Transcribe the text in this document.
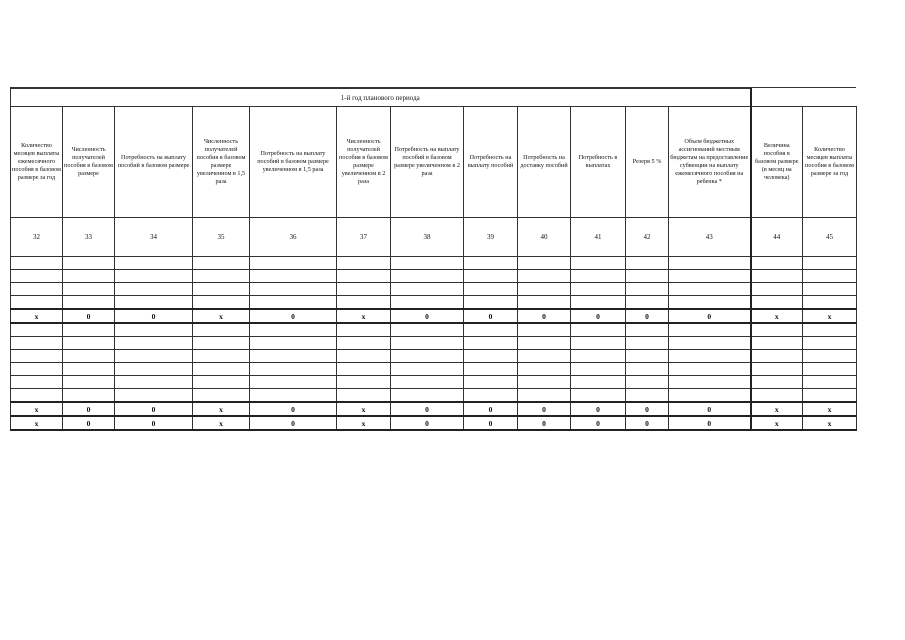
1-й год планового периода													
Количество месяцев выплаты ежемесячного пособия в базовом размере за год	Численность получателей пособия в базовом размере	Потребность на выплату пособий в базовом размере	Численность получателей пособия в базовом размере увеличенном в 1,5 раза	Потребность на выплату пособий в базовом размере увеличенном в 1,5 раза	Численность получателей пособия в базовом размере увеличенном в 2 раза	Потребность на выплату пособий в базовом размере увеличенном в 2 раза	Потребность на выплату пособий	Потребность на доставку пособий	Потребность в выплатах	Резерв 5 %	Объем бюджетных ассигнований местным бюджетам на предоставление субвенции на выплату ежемесячного пособия на ребенка *	Величина пособия в базовом размере (в месяц на человека)	Количество месяцев выплаты пособия в базовом размере за год
32	33	34	35	36	37	38	39	40	41	42	43	44	45

x	0	0	x	0	x	0	0	0	0	0	0	x	x

x	0	0	x	0	x	0	0	0	0	0	0	x	x
x	0	0	x	0	x	0	0	0	0	0	0	x	x
